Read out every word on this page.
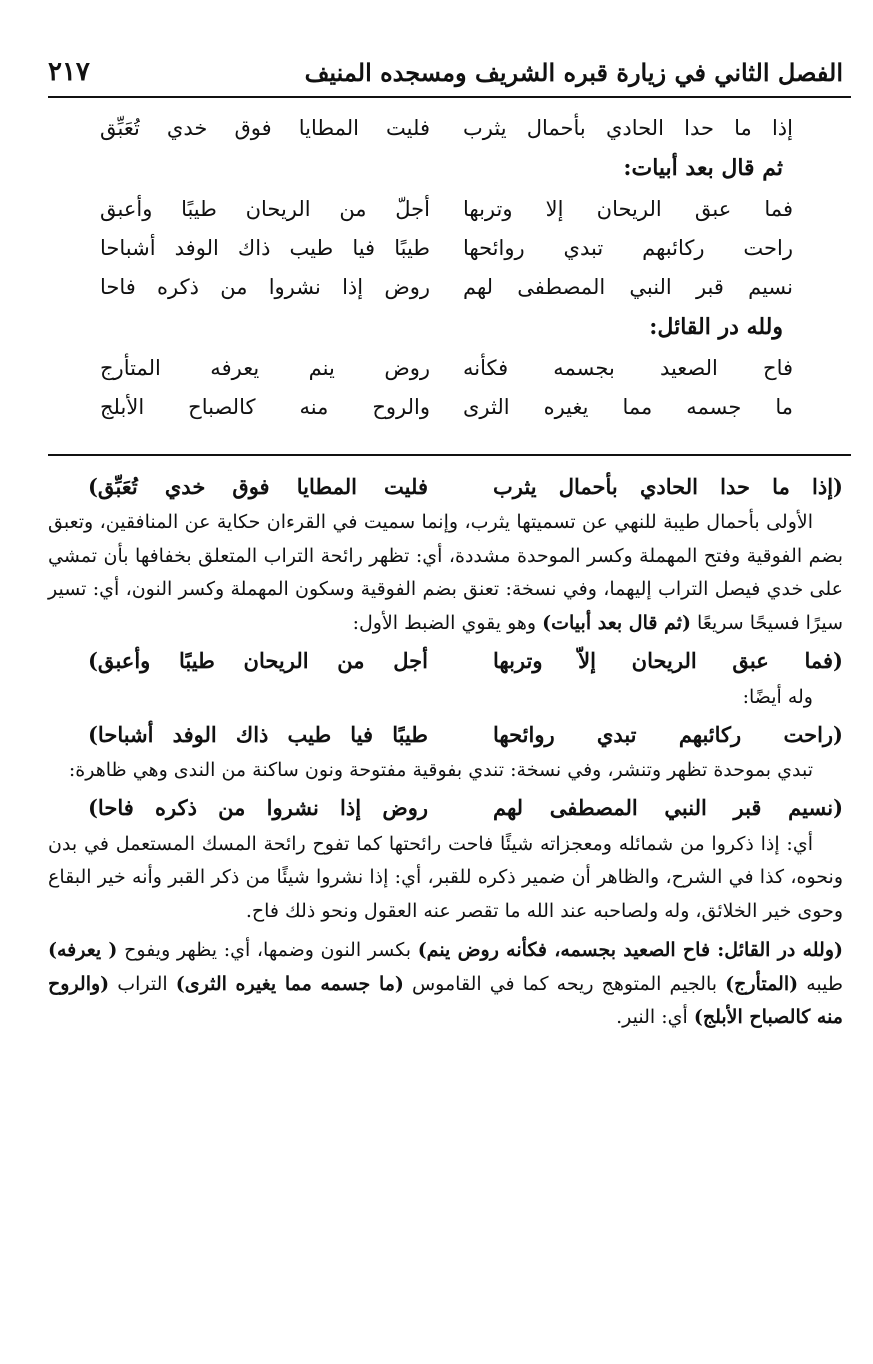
الفصل الثاني في زيارة قبره الشريف ومسجده المنيف
٢١٧
إذا ما حدا الحادي بأحمال يثرب
فليت المطايا فوق خدي تُعَبِّق
ثم قال بعد أبيات:
فما عبق الريحان إلا وتربها
أجلّ من الريحان طيبًا وأعبق
راحت ركائبهم تبدي روائحها
طيبًا فيا طيب ذاك الوفد أشباحا
نسيم قبر النبي المصطفى لهم
روض إذا نشروا من ذكره فاحا
ولله در القائل:
فاح الصعيد بجسمه فكأنه
روض ينم يعرفه المتأرج
ما جسمه مما يغيره الثرى
والروح منه كالصباح الأبلج
(إذا ما حدا الحادي بأحمال يثرب
فليت المطايا فوق خدي تُعَبِّق)

الأولى بأحمال طيبة للنهي عن تسميتها يثرب، وإنما سميت في القرءان حكاية عن المنافقين، وتعبق بضم الفوقية وفتح المهملة وكسر الموحدة مشددة، أي: تظهر رائحة التراب المتعلق بخفافها بأن تمشي على خدي فيصل التراب إليهما، وفي نسخة: تعنق بضم الفوقية وسكون المهملة وكسر النون، أي: تسير سيرًا فسيحًا سريعًا (ثم قال بعد أبيات) وهو يقوي الضبط الأول:

(فما عبق الريحان إلاّ وتربها
أجل من الريحان طيبًا وأعبق)
وله أيضًا:
(راحت ركائبهم تبدي روائحها
طيبًا فيا طيب ذاك الوفد أشباحا)

تبدي بموحدة تظهر وتنشر، وفي نسخة: تندي بفوقية مفتوحة ونون ساكنة من الندى وهي ظاهرة:

(نسيم قبر النبي المصطفى لهم
روض إذا نشروا من ذكره فاحا)

أي: إذا ذكروا من شمائله ومعجزاته شيئًا فاحت رائحتها كما تفوح رائحة المسك المستعمل في بدن ونحوه، كذا في الشرح، والظاهر أن ضمير ذكره للقبر، أي: إذا نشروا شيئًا من ذكر القبر وأنه خير البقاع وحوى خير الخلائق، وله ولصاحبه عند الله ما تقصر عنه العقول ونحو ذلك فاح.

(ولله در القائل: فاح الصعيد بجسمه، فكأنه روض ينم) بكسر النون وضمها، أي: يظهر ويفوح ( يعرفه) طيبه (المتأرج) بالجيم المتوهج ريحه كما في القاموس (ما جسمه مما يغيره الثرى) التراب (والروح منه كالصباح الأبلج) أي: النير.
